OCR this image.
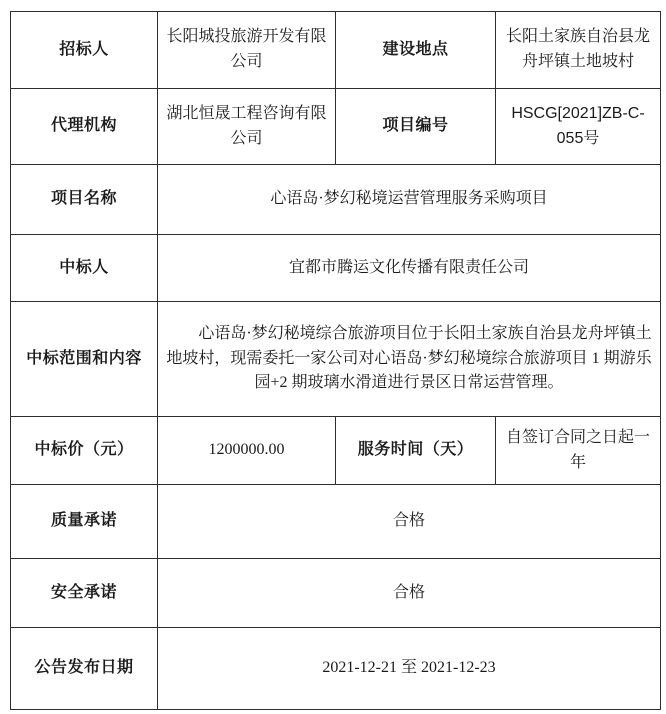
招标人	长阳城投旅游开发有限公司	建设地点	长阳土家族自治县龙舟坪镇土地坡村
代理机构	湖北恒晟工程咨询有限公司	项目编号	HSCG[2021]ZB-C-055号
项目名称	心语岛·梦幻秘境运营管理服务采购项目		
中标人	宜都市腾运文化传播有限责任公司		
中标范围和内容	心语岛·梦幻秘境综合旅游项目位于长阳土家族自治县龙舟坪镇土地坡村，现需委托一家公司对心语岛·梦幻秘境综合旅游项目 1 期游乐园+2 期玻璃水滑道进行景区日常运营管理。		
中标价（元）	1200000.00	服务时间（天）	自签订合同之日起一年
质量承诺	合格		
安全承诺	合格		
公告发布日期	2021-12-21 至 2021-12-23		
